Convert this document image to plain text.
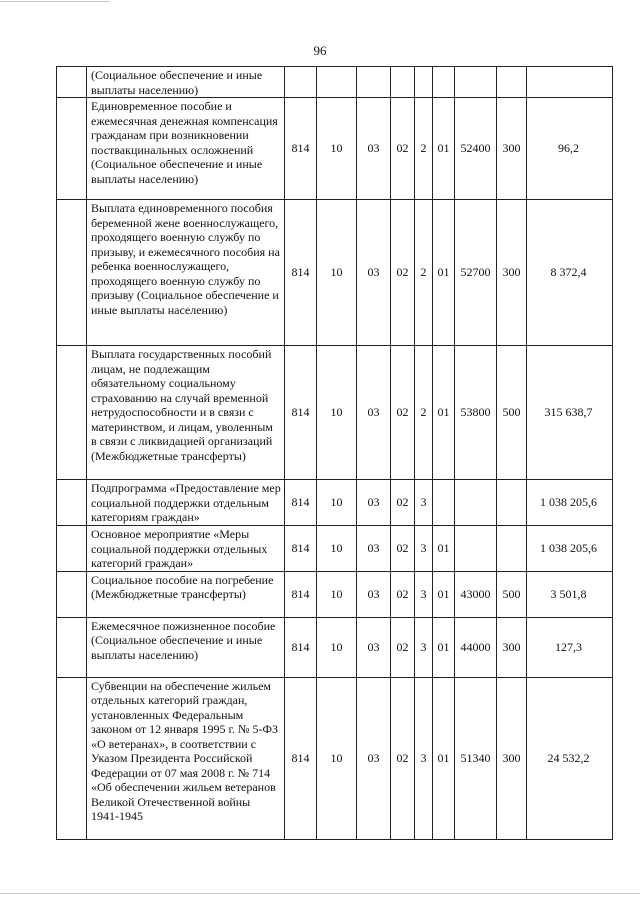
96
	(Социальное обеспечение и иные выплаты населению)									
	Единовременное пособие и ежемесячная денежная компенсация гражданам при возникновении поствакцинальных осложнений (Социальное обеспечение и иные выплаты населению)	814	10	03	02	2	01	52400	300	96,2
	Выплата единовременного пособия беременной жене военнослужащего, проходящего военную службу по призыву, и ежемесячного пособия на ребенка военнослужащего, проходящего военную службу по призыву (Социальное обеспечение и иные выплаты населению)	814	10	03	02	2	01	52700	300	8 372,4
	Выплата государственных пособий лицам, не подлежащим обязательному социальному страхованию на случай временной нетрудоспособности и в связи с материнством, и лицам, уволенным в связи с ликвидацией организаций (Межбюджетные трансферты)	814	10	03	02	2	01	53800	500	315 638,7
	Подпрограмма «Предоставление мер социальной поддержки отдельным категориям граждан»	814	10	03	02	3				1 038 205,6
	Основное мероприятие «Меры социальной поддержки отдельных категорий граждан»	814	10	03	02	3	01			1 038 205,6
	Социальное пособие на погребение (Межбюджетные трансферты)	814	10	03	02	3	01	43000	500	3 501,8
	Ежемесячное пожизненное пособие (Социальное обеспечение и иные выплаты населению)	814	10	03	02	3	01	44000	300	127,3
	Субвенции на обеспечение жильем отдельных категорий граждан, установленных Федеральным законом от 12 января 1995 г. № 5-ФЗ «О ветеранах», в соответствии с Указом Президента Российской Федерации от 07 мая 2008 г. № 714 «Об обеспечении жильем ветеранов Великой Отечественной войны 1941-1945	814	10	03	02	3	01	51340	300	24 532,2
